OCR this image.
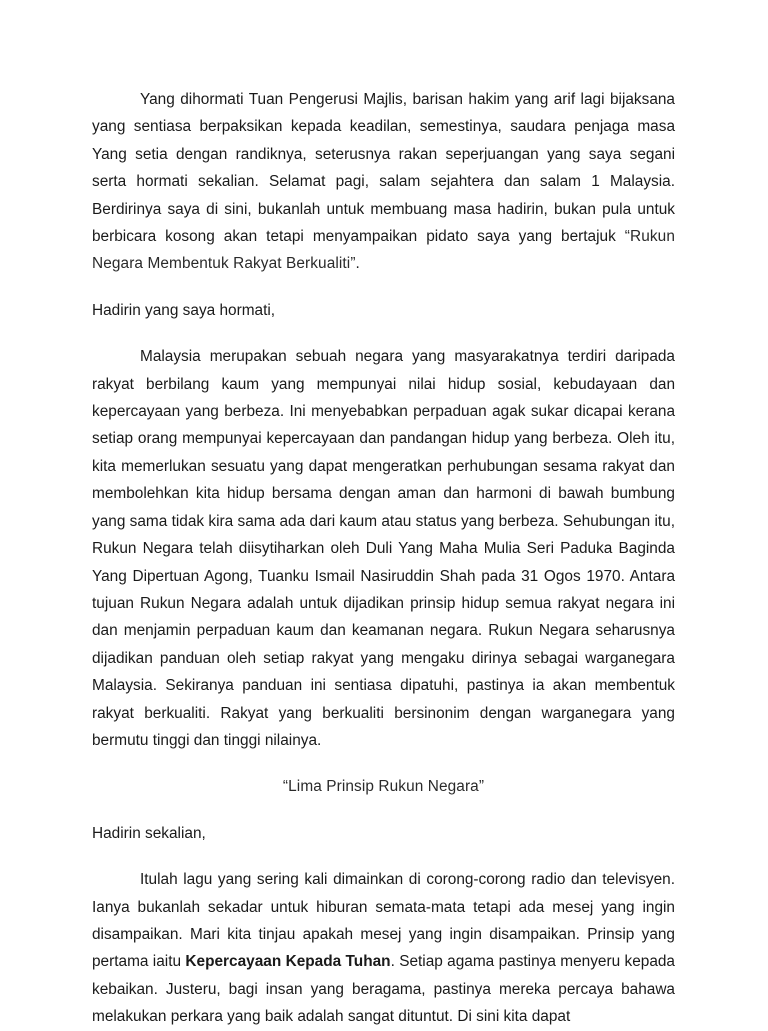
Yang dihormati Tuan Pengerusi Majlis, barisan hakim yang arif lagi bijaksana yang sentiasa berpaksikan kepada keadilan, semestinya, saudara penjaga masa Yang setia dengan randiknya, seterusnya rakan seperjuangan yang saya segani serta hormati sekalian. Selamat pagi, salam sejahtera dan salam 1 Malaysia. Berdirinya saya di sini, bukanlah untuk membuang masa hadirin, bukan pula untuk berbicara kosong akan tetapi menyampaikan pidato saya yang bertajuk “Rukun Negara Membentuk Rakyat Berkualiti”.

Hadirin yang saya hormati,

Malaysia merupakan sebuah negara yang masyarakatnya terdiri daripada rakyat berbilang kaum yang mempunyai nilai hidup sosial, kebudayaan dan kepercayaan yang berbeza. Ini menyebabkan perpaduan agak sukar dicapai kerana setiap orang mempunyai kepercayaan dan pandangan hidup yang berbeza. Oleh itu, kita memerlukan sesuatu yang dapat mengeratkan perhubungan sesama rakyat dan membolehkan kita hidup bersama dengan aman dan harmoni di bawah bumbung yang sama tidak kira sama ada dari kaum atau status yang berbeza. Sehubungan itu, Rukun Negara telah diisytiharkan oleh Duli Yang Maha Mulia Seri Paduka Baginda Yang Dipertuan Agong, Tuanku Ismail Nasiruddin Shah pada 31 Ogos 1970. Antara tujuan Rukun Negara adalah untuk dijadikan prinsip hidup semua rakyat negara ini dan menjamin perpaduan kaum dan keamanan negara. Rukun Negara seharusnya dijadikan panduan oleh setiap rakyat yang mengaku dirinya sebagai warganegara Malaysia. Sekiranya panduan ini sentiasa dipatuhi, pastinya ia akan membentuk rakyat berkualiti. Rakyat yang berkualiti bersinonim dengan warganegara yang bermutu tinggi dan tinggi nilainya.

“Lima Prinsip Rukun Negara”

Hadirin sekalian,

Itulah lagu yang sering kali dimainkan di corong-corong radio dan televisyen. Ianya bukanlah sekadar untuk hiburan semata-mata tetapi ada mesej yang ingin disampaikan. Mari kita tinjau apakah mesej yang ingin disampaikan. Prinsip yang pertama iaitu Kepercayaan Kepada Tuhan. Setiap agama pastinya menyeru kepada kebaikan. Justeru, bagi insan yang beragama, pastinya mereka percaya bahawa melakukan perkara yang baik adalah sangat dituntut. Di sini kita dapat
